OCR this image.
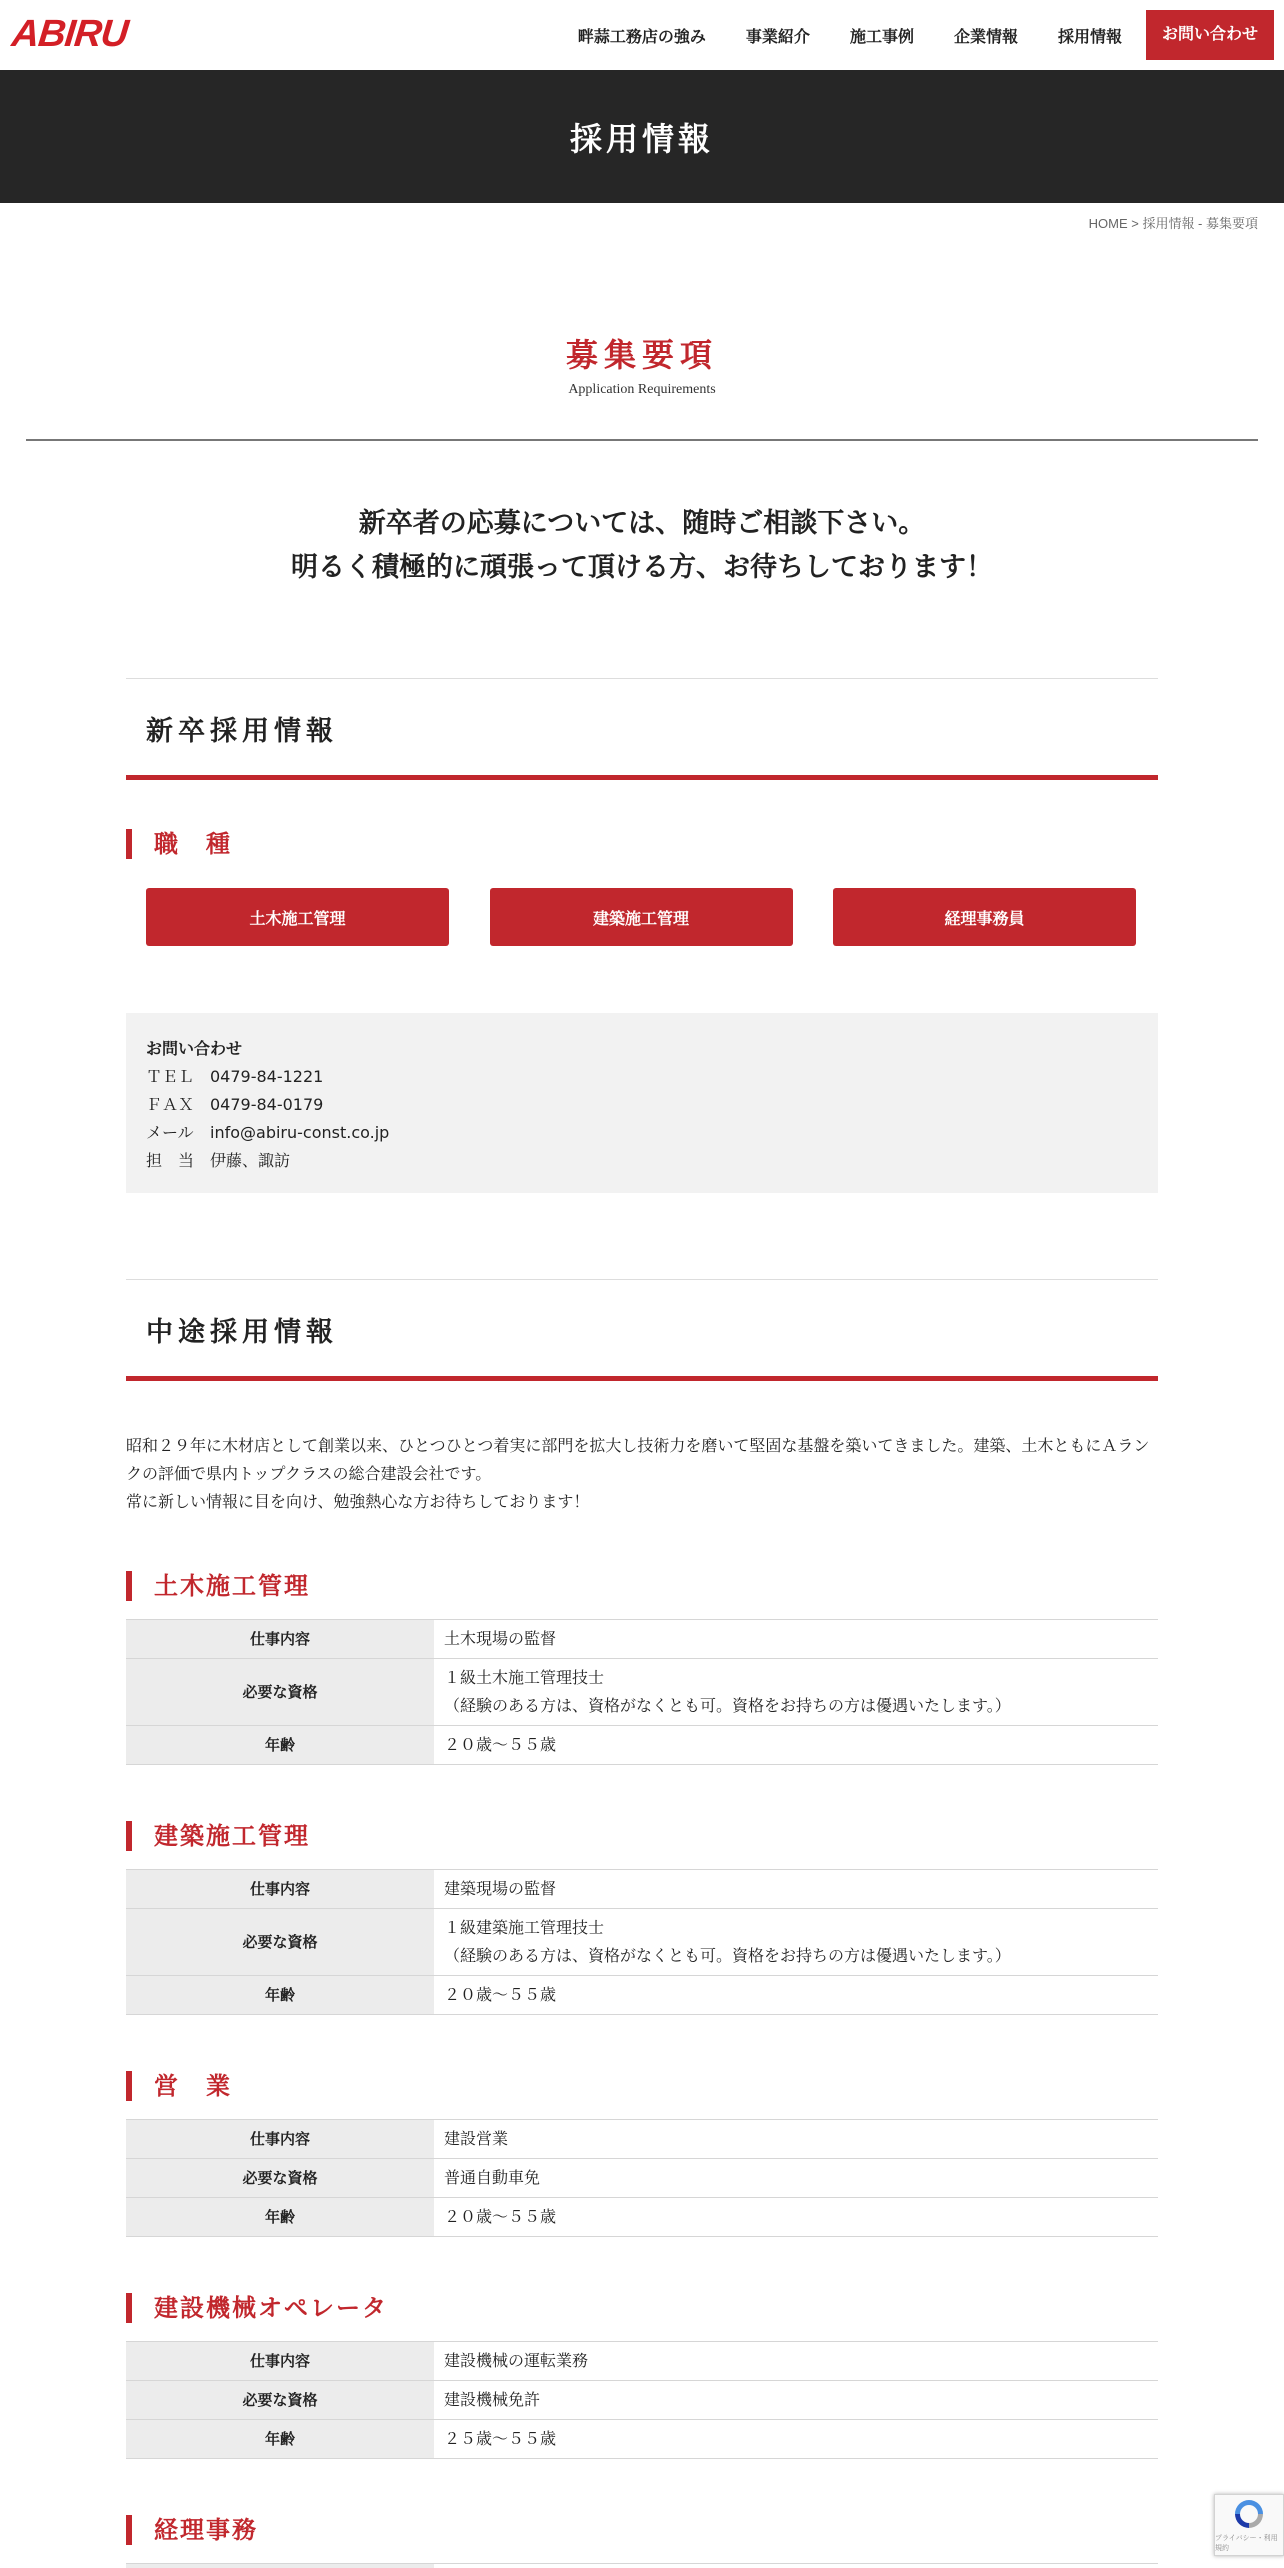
ABIRU	畔蒜工務店の強み	事業紹介	施工事例	企業情報	採用情報	お問い合わせ
採用情報
HOME > 採用情報 - 募集要項
募集要項
Application Requirements
新卒者の応募については、随時ご相談下さい。
明るく積極的に頑張って頂ける方、お待ちしております！
新卒採用情報
職　種
土木施工管理	建築施工管理	経理事務員
お問い合わせ
ＴＥＬ 0479-84-1221
ＦＡＸ 0479-84-0179
メール	info@abiru-const.co.jp
担　当 伊藤、諏訪
中途採用情報
昭和２９年に木材店として創業以来、ひとつひとつ着実に部門を拡大し技術力を磨いて堅固な基盤を築いてきました。建築、土木ともにＡランクの評価で県内トップクラスの総合建設会社です。
常に新しい情報に目を向け、勉強熱心な方お待ちしております！
土木施工管理
仕事内容	土木現場の監督
必要な資格	１級土木施工管理技士
（経験のある方は、資格がなくとも可。資格をお持ちの方は優遇いたします。）

年齢	２０歳〜５５歳
建築施工管理
仕事内容	建築現場の監督
必要な資格	１級建築施工管理技士
（経験のある方は、資格がなくとも可。資格をお持ちの方は優遇いたします。）

年齢	２０歳〜５５歳
営　業
仕事内容	建設営業
必要な資格	普通自動車免
年齢	２０歳〜５５歳
建設機械オペレータ
仕事内容	建設機械の運転業務
必要な資格	建設機械免許
年齢	２５歳〜５５歳
経理事務	プライバシー・利用規約
